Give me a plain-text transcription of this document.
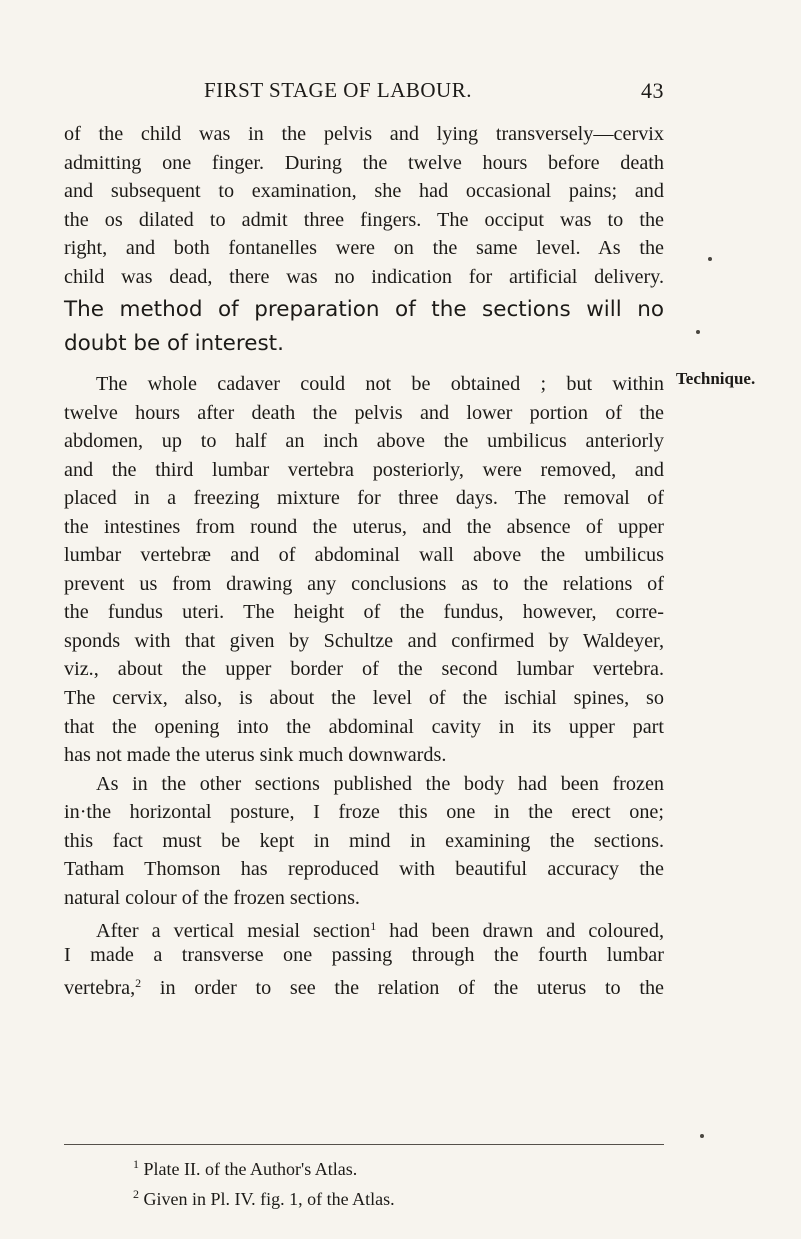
FIRST STAGE OF LABOUR.	43
of the child was in the pelvis and lying transversely—cervix
admitting one finger. During the twelve hours before death
and subsequent to examination, she had occasional pains; and
the os dilated to admit three fingers. The occiput was to the
right, and both fontanelles were on the same level. As the
child was dead, there was no indication for artificial delivery.
The method of preparation of the sections will no
doubt be of interest.
Technique.
The whole cadaver could not be obtained ; but within
twelve hours after death the pelvis and lower portion of the
abdomen, up to half an inch above the umbilicus anteriorly
and the third lumbar vertebra posteriorly, were removed, and
placed in a freezing mixture for three days. The removal of
the intestines from round the uterus, and the absence of upper
lumbar vertebræ and of abdominal wall above the umbilicus
prevent us from drawing any conclusions as to the relations of
the fundus uteri. The height of the fundus, however, corre-
sponds with that given by Schultze and confirmed by Waldeyer,
viz., about the upper border of the second lumbar vertebra.
The cervix, also, is about the level of the ischial spines, so
that the opening into the abdominal cavity in its upper part
has not made the uterus sink much downwards.
As in the other sections published the body had been frozen
in·the horizontal posture, I froze this one in the erect one;
this fact must be kept in mind in examining the sections.
Tatham Thomson has reproduced with beautiful accuracy the
natural colour of the frozen sections.
After a vertical mesial section$^1$ had been drawn and coloured,
I made a transverse one passing through the fourth lumbar
vertebra,$^2$ in order to see the relation of the uterus to the
$^1$ Plate II. of the Author's Atlas.
$^2$ Given in Pl. IV. fig. 1, of the Atlas.
